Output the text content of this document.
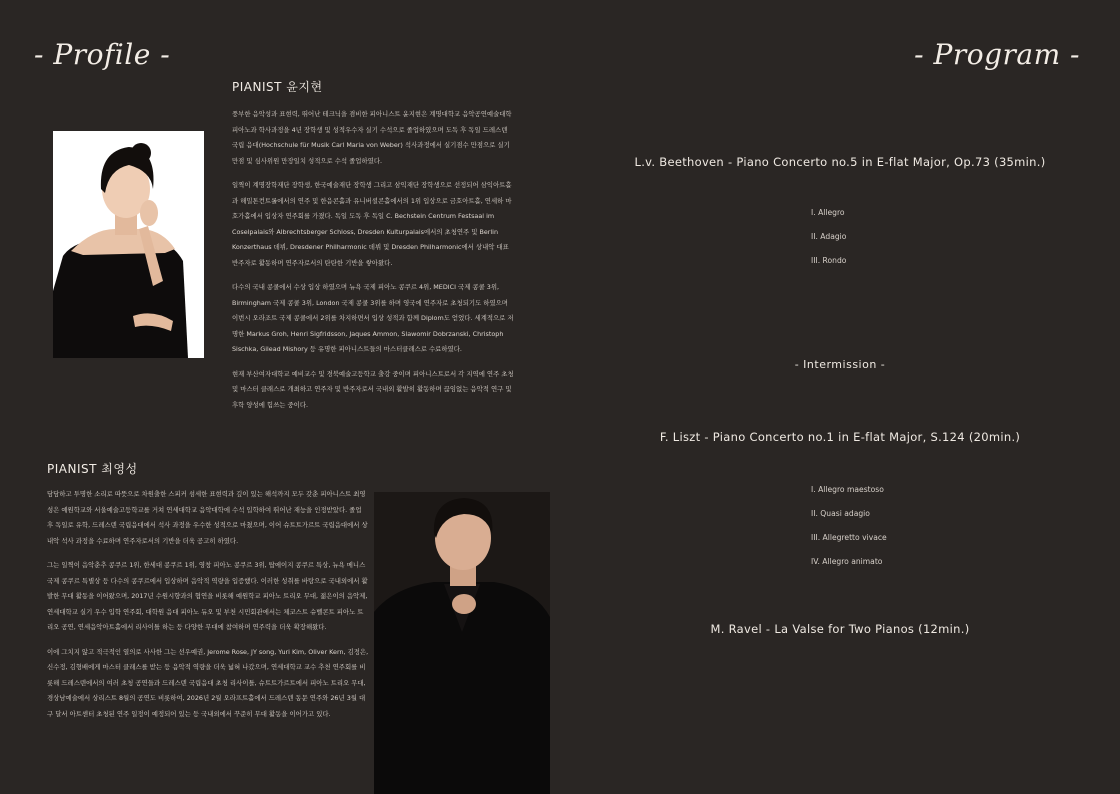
- Profile -
PIANIST 윤지현

풍부한 음악성과 표현력, 뛰어난 테크닉을 겸비한 피아니스트 윤지현은 계명대학교 음악공연예술대학 피아노과 학사과정을 4년 장학생 및 성적우수자 실기 수석으로 졸업하였으며 도독 후 독일 드레스덴 국립 음대(Hochschule für Musik Carl Maria von Weber) 석사과정에서 실기점수 만점으로 실기만점 및 심사위원 만장일치 성적으로 수석 졸업하였다.

일찍이 계명장학재단 장학생, 한국예술재단 장학생 그리고 삼익재단 장학생으로 선정되어 삼익아트홀과 해밀톤컨트롤에서의 연주 및 한음콘홀과 유니버셜콘홀에서의 1위 입상으로 금호아트홀, 연세하 마호가홀에서 입상자 연주회를 가졌다. 독일 도독 후 독일 C. Bechstein Centrum Festsaal im Coselpalais와 Albrechtsberger Schloss, Dresden Kulturpalais에서의 초청연주 및 Berlin Konzerthaus 데뷔, Dresdener Philharmonic 데뷔 및 Dresden Philharmonic에서 상내악 대표 반주자로 활동하며 연주자로서의 탄탄한 기반을 쌓아왔다.

다수의 국내 콩쿨에서 수상 입상 하였으며 뉴욕 국제 피아노 콩쿠르 4위, MEDICI 국제 콩쿨 3위, Birmingham 국제 콩쿨 3위, London 국제 콩쿨 3위를 하며 영국에 연주자로 초청되기도 하였으며 이번시 오라조트 국제 콩쿨에서 2위를 차지하면서 입상 성적과 함께 Diplom도 얻었다. 세계적으로 저명한 Markus Groh, Henri Sigfridsson, Jaques Ammon, Slawomir Dobrzanski, Christoph Sischka, Gilead Mishory 등 유명한 피아니스트들의 마스터클래스로 수료하였다.

현재 부산여자대학교 예비교수 및 경북예술고등학교 출강 중이며 피아니스트로서 각 지역에 연주 초청 및 마스터 클래스로 개최하고 연주자 및 반주자로서 국내외 활발히 활동하며 끊임없는 음악적 연구 및 후학 양성에 힘쓰는 중이다.

PIANIST 최영성

담담하고 투명한 소리로 따뜻으로 차원출한 스피커 섬세한 표현력과 깊이 있는 해석까지 모두 갖춘 피아니스트 최영성은 예원학교와 서울예술고등학교를 거쳐 연세대학교 음악대학에 수석 입학하여 뛰어난 재능을 인정받았다. 졸업 후 독일로 유학, 드레스덴 국립음대에서 석사 과정을 우수한 성적으로 마쳤으며, 이어 슈트트가르트 국립음대에서 상내악 석사 과정을 수료하며 연주자로서의 기반을 더욱 공고히 하였다.

그는 일찍이 음악춘추 콩쿠르 1위, 한세대 콩쿠르 1위, 영창 피아노 콩쿠르 3위, 탑에이지 콩쿠르 특상, 뉴욕 메니스 국제 콩쿠르 특별상 등 다수의 콩쿠르에서 입상하며 음악적 역량을 입증했다. 이러한 성취를 바탕으로 국내외에서 활발한 무대 활동을 이어왔으며, 2017년 수원시향과의 협연을 비롯해 예원학교 피아노 트리오 무대, 젊은이의 음악제, 연세대학교 실기 우수 입학 연주회, 대학원 음대 피아노 듀오 및 부천 시민회관에서는 체코스트 슈벨콘트 피아노 트리오 공연, 연세음악아트홀에서 리사이틀 하는 등 다양한 무대에 참여하며 연주력을 더욱 확장해왔다.

이에 그치지 않고 적극적인 열의로 사사한 그는 선우예권, Jerome Rose, JY song, Yuri Kim, Oliver Kern, 김정은, 신수정, 김형배에게 마스터 클래스를 받는 등 음악적 역량을 더욱 넓혀 나갔으며, 연세대학교 교수 추천 연주회를 비롯해 드레스덴에서의 여러 초청 공연들과 드레스덴 국립음대 초청 리사이틀, 슈트트가르트에서 피아노 트리오 무대, 경상남예술에서 상리스트 8월의 공연도 비롯하여, 2026년 2월 오라프트홀에서 드레스덴 동문 연주와 26년 3월 대구 달서 아트센터 초청된 연주 일정이 예정되어 있는 등 국내외에서 꾸준히 무대 활동을 이어가고 있다.

- Program -
L.v. Beethoven - Piano Concerto no.5 in E-flat Major, Op.73 (35min.)
I. Allegro
II. Adagio
III. Rondo
- Intermission -
F. Liszt - Piano Concerto no.1 in E-flat Major, S.124 (20min.)
I. Allegro maestoso
II. Quasi adagio
III. Allegretto vivace
IV. Allegro animato
M. Ravel - La Valse for Two Pianos (12min.)
